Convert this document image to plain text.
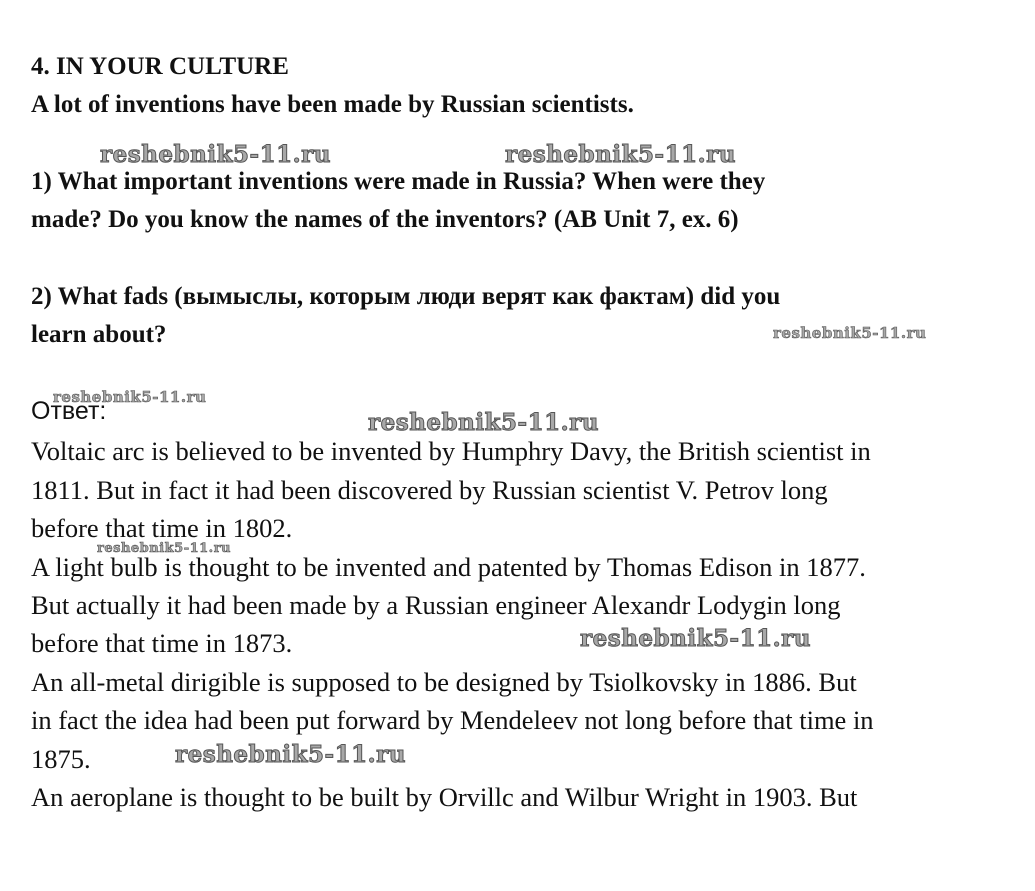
reshebnik5-11.ru	reshebnik5-11.ru
reshebnik5-11.ru
reshebnik5-11.ru
reshebnik5-11.ru
reshebnik5-11.ru
reshebnik5-11.ru
reshebnik5-11.ru

4. IN YOUR CULTURE

A lot of inventions have been made by Russian scientists.

1) What important inventions were made in Russia? When were they

made? Do you know the names of the inventors? (AB Unit 7, ex. 6)

2) What fads (вымыслы, которым люди верят как фактам) did you

learn about?

Ответ:
Voltaic arc is believed to be invented by Humphry Davy, the British scientist in
1811. But in fact it had been discovered by Russian scientist V. Petrov long
before that time in 1802.
A light bulb is thought to be invented and patented by Thomas Edison in 1877.
But actually it had been made by a Russian engineer Alexandr Lodygin long
before that time in 1873.
An all-metal dirigible is supposed to be designed by Tsiolkovsky in 1886. But
in fact the idea had been put forward by Mendeleev not long before that time in
1875.
An aeroplane is thought to be built by Orvillc and Wilbur Wright in 1903. But
